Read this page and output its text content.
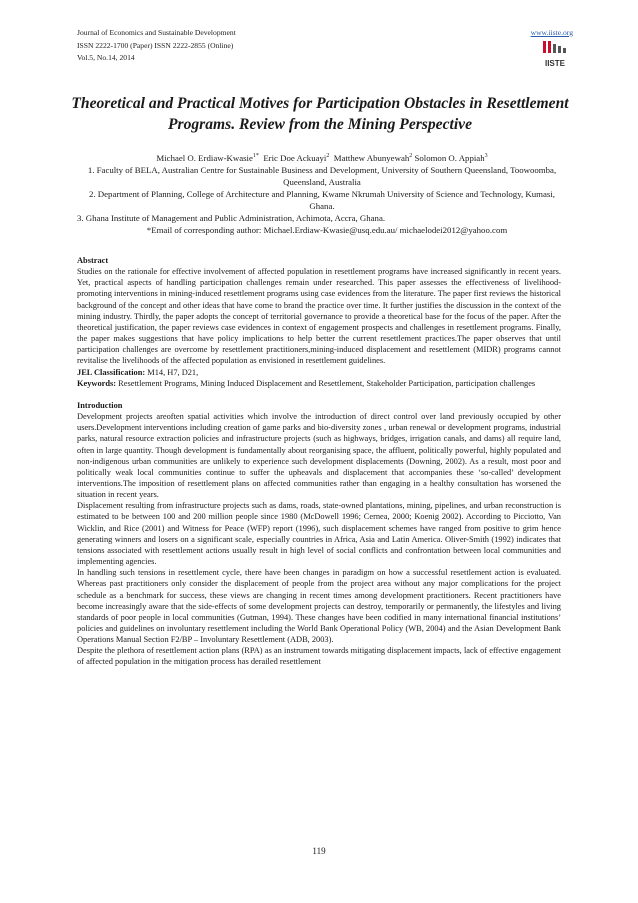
Journal of Economics and Sustainable Development
ISSN 2222-1700 (Paper) ISSN 2222-2855 (Online)
Vol.5, No.14, 2014
www.iiste.org
IISTE
Theoretical and Practical Motives for Participation Obstacles in Resettlement Programs. Review from the Mining Perspective
Michael O. Erdiaw-Kwasie$^{1*}$ Eric Doe Ackuayi$^2$ Matthew Abunyewah$^2$ Solomon O. Appiah$^3$
1. Faculty of BELA, Australian Centre for Sustainable Business and Development, University of Southern Queensland, Toowoomba, Queensland, Australia
2. Department of Planning, College of Architecture and Planning, Kwame Nkrumah University of Science and Technology, Kumasi, Ghana.
3. Ghana Institute of Management and Public Administration, Achimota, Accra, Ghana.
*Email of corresponding author: Michael.Erdiaw-Kwasie@usq.edu.au/ michaelodei2012@yahoo.com

Abstract

Studies on the rationale for effective involvement of affected population in resettlement programs have increased significantly in recent years. Yet, practical aspects of handling participation challenges remain under researched. This paper assesses the effectiveness of livelihood-promoting interventions in mining-induced resettlement programs using case evidences from the literature. The paper first reviews the historical background of the concept and other ideas that have come to brand the practice over time. It further justifies the discussion in the context of the mining industry. Thirdly, the paper adopts the concept of territorial governance to provide a theoretical base for the focus of the paper. After the theoretical justification, the paper reviews case evidences in context of engagement prospects and challenges in resettlement programs. Finally, the paper makes suggestions that have policy implications to help better the current resettlement practices.The paper observes that until participation challenges are overcome by resettlement practitioners,mining-induced displacement and resettlement (MIDR) programs cannot revitalise the livelihoods of the affected population as envisioned in resettlement guidelines.

JEL Classification: M14, H7, D21,

Keywords: Resettlement Programs, Mining Induced Displacement and Resettlement, Stakeholder Participation, participation challenges

Introduction

Development projects areoften spatial activities which involve the introduction of direct control over land previously occupied by other users.Development interventions including creation of game parks and bio-diversity zones , urban renewal or development programs, industrial parks, natural resource extraction policies and infrastructure projects (such as highways, bridges, irrigation canals, and dams) all require land, often in large quantity. Though development is fundamentally about reorganising space, the affluent, politically powerful, highly populated and non-indigenous urban communities are unlikely to experience such development displacements (Downing, 2002). As a result, most poor and politically weak local communities continue to suffer the upheavals and displacement that accompanies these ‘so-called’ development interventions.The imposition of resettlement plans on affected communities rather than engaging in a healthy consultation has worsened the situation in recent years.

Displacement resulting from infrastructure projects such as dams, roads, state-owned plantations, mining, pipelines, and urban reconstruction is estimated to be between 100 and 200 million people since 1980 (McDowell 1996; Cernea, 2000; Koenig 2002). According to Picciotto, Van Wicklin, and Rice (2001) and Witness for Peace (WFP) report (1996), such displacement schemes have ranged from positive to grim hence generating winners and losers on a significant scale, especially countries in Africa, Asia and Latin America. Oliver-Smith (1992) indicates that tensions associated with resettlement actions usually result in high level of social conflicts and confrontation between local communities and implementing agencies.

In handling such tensions in resettlement cycle, there have been changes in paradigm on how a successful resettlement action is evaluated. Whereas past practitioners only consider the displacement of people from the project area without any major complications for the project schedule as a benchmark for success, these views are changing in recent times among development practitioners. Recent practitioners have become increasingly aware that the side-effects of some development projects can destroy, temporarily or permanently, the lifestyles and living standards of poor people in local communities (Gutman, 1994). These changes have been codified in many international financial institutions’ policies and guidelines on involuntary resettlement including the World Bank Operational Policy (WB, 2004) and the Asian Development Bank Operations Manual Section F2/BP – Involuntary Resettlement (ADB, 2003).

Despite the plethora of resettlement action plans (RPA) as an instrument towards mitigating displacement impacts, lack of effective engagement of affected population in the mitigation process has derailed resettlement

119
